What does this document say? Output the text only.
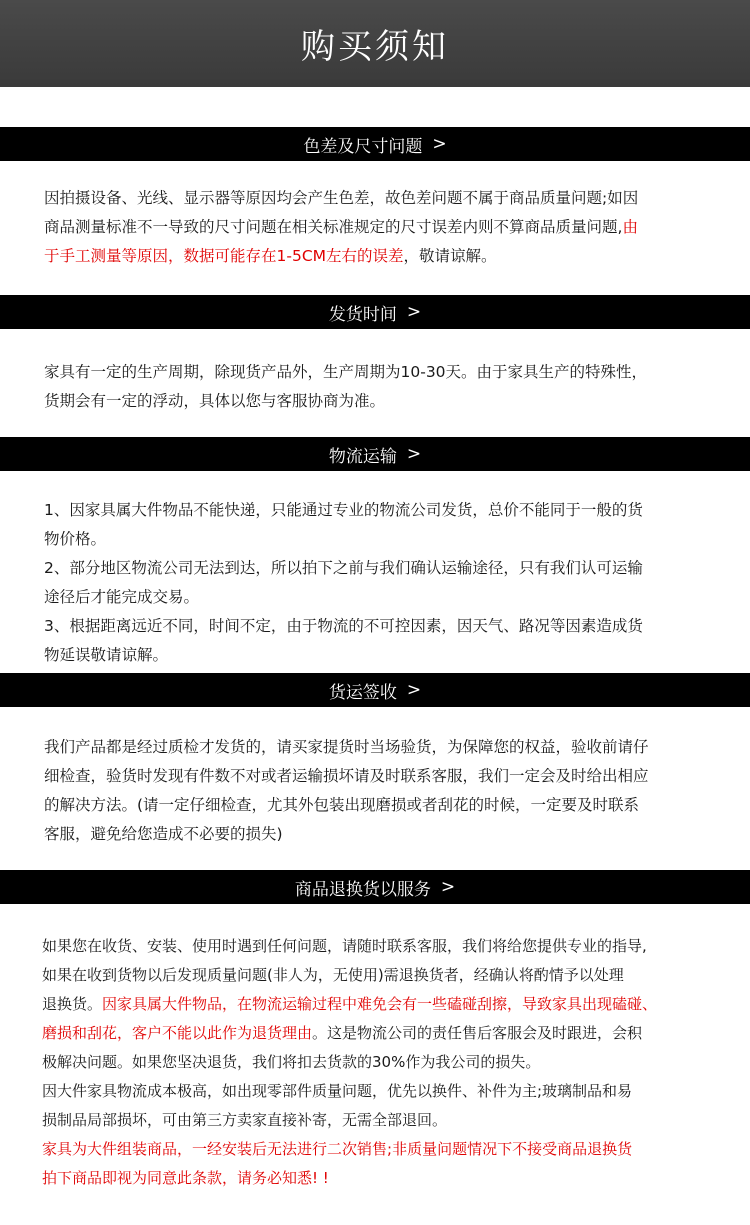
购买须知
色差及尺寸问题 >
因拍摄设备、光线、显示器等原因均会产生色差，故色差问题不属于商品质量问题;如因
商品测量标准不一导致的尺寸问题在相关标准规定的尺寸误差内则不算商品质量问题,由
于手工测量等原因，数据可能存在1-5CM左右的误差，敬请谅解。
发货时间 >
家具有一定的生产周期，除现货产品外，生产周期为10-30天。由于家具生产的特殊性，
货期会有一定的浮动，具体以您与客服协商为准。
物流运输 >
1、因家具属大件物品不能快递，只能通过专业的物流公司发货，总价不能同于一般的货
物价格。
2、部分地区物流公司无法到达，所以拍下之前与我们确认运输途径，只有我们认可运输
途径后才能完成交易。
3、根据距离远近不同，时间不定，由于物流的不可控因素，因天气、路况等因素造成货
物延误敬请谅解。
货运签收 >
我们产品都是经过质检才发货的，请买家提货时当场验货，为保障您的权益，验收前请仔
细检查，验货时发现有件数不对或者运输损坏请及时联系客服，我们一定会及时给出相应
的解决方法。(请一定仔细检查，尤其外包装出现磨损或者刮花的时候，一定要及时联系
客服，避免给您造成不必要的损失)
商品退换货以服务 >
如果您在收货、安装、使用时遇到任何问题，请随时联系客服，我们将给您提供专业的指导,
如果在收到货物以后发现质量问题(非人为，无使用)需退换货者，经确认将酌情予以处理
退换货。因家具属大件物品，在物流运输过程中难免会有一些磕碰刮擦，导致家具出现磕碰、
磨损和刮花，客户不能以此作为退货理由。这是物流公司的责任售后客服会及时跟进，会积
极解决问题。如果您坚决退货，我们将扣去货款的30%作为我公司的损失。
因大件家具物流成本极高，如出现零部件质量问题，优先以换件、补件为主;玻璃制品和易
损制品局部损坏，可由第三方卖家直接补寄，无需全部退回。
家具为大件组装商品，一经安装后无法进行二次销售;非质量问题情况下不接受商品退换货
拍下商品即视为同意此条款，请务必知悉! !
